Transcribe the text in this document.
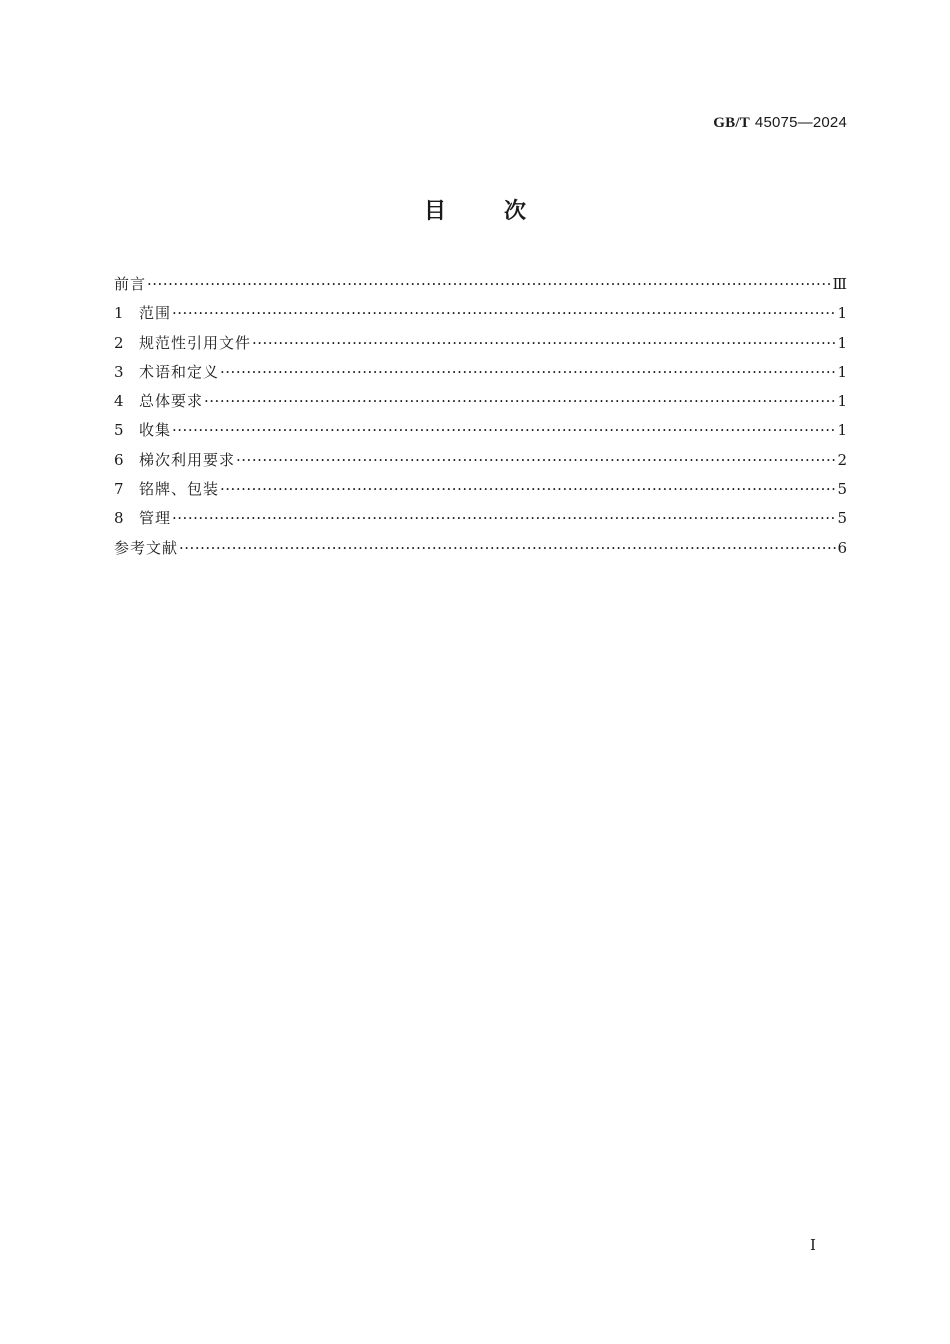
GB/T 45075—2024
目	次
前言 ·····	Ⅲ
1	范围 ·····	1
2	规范性引用文件 ·····	1
3	术语和定义 ·····	1
4	总体要求 ·····	1
5	收集 ·····	1
6	梯次利用要求 ·····	2
7	铭牌、包装 ·····	5
8	管理 ·····	5
参考文献 ·····	6
I
